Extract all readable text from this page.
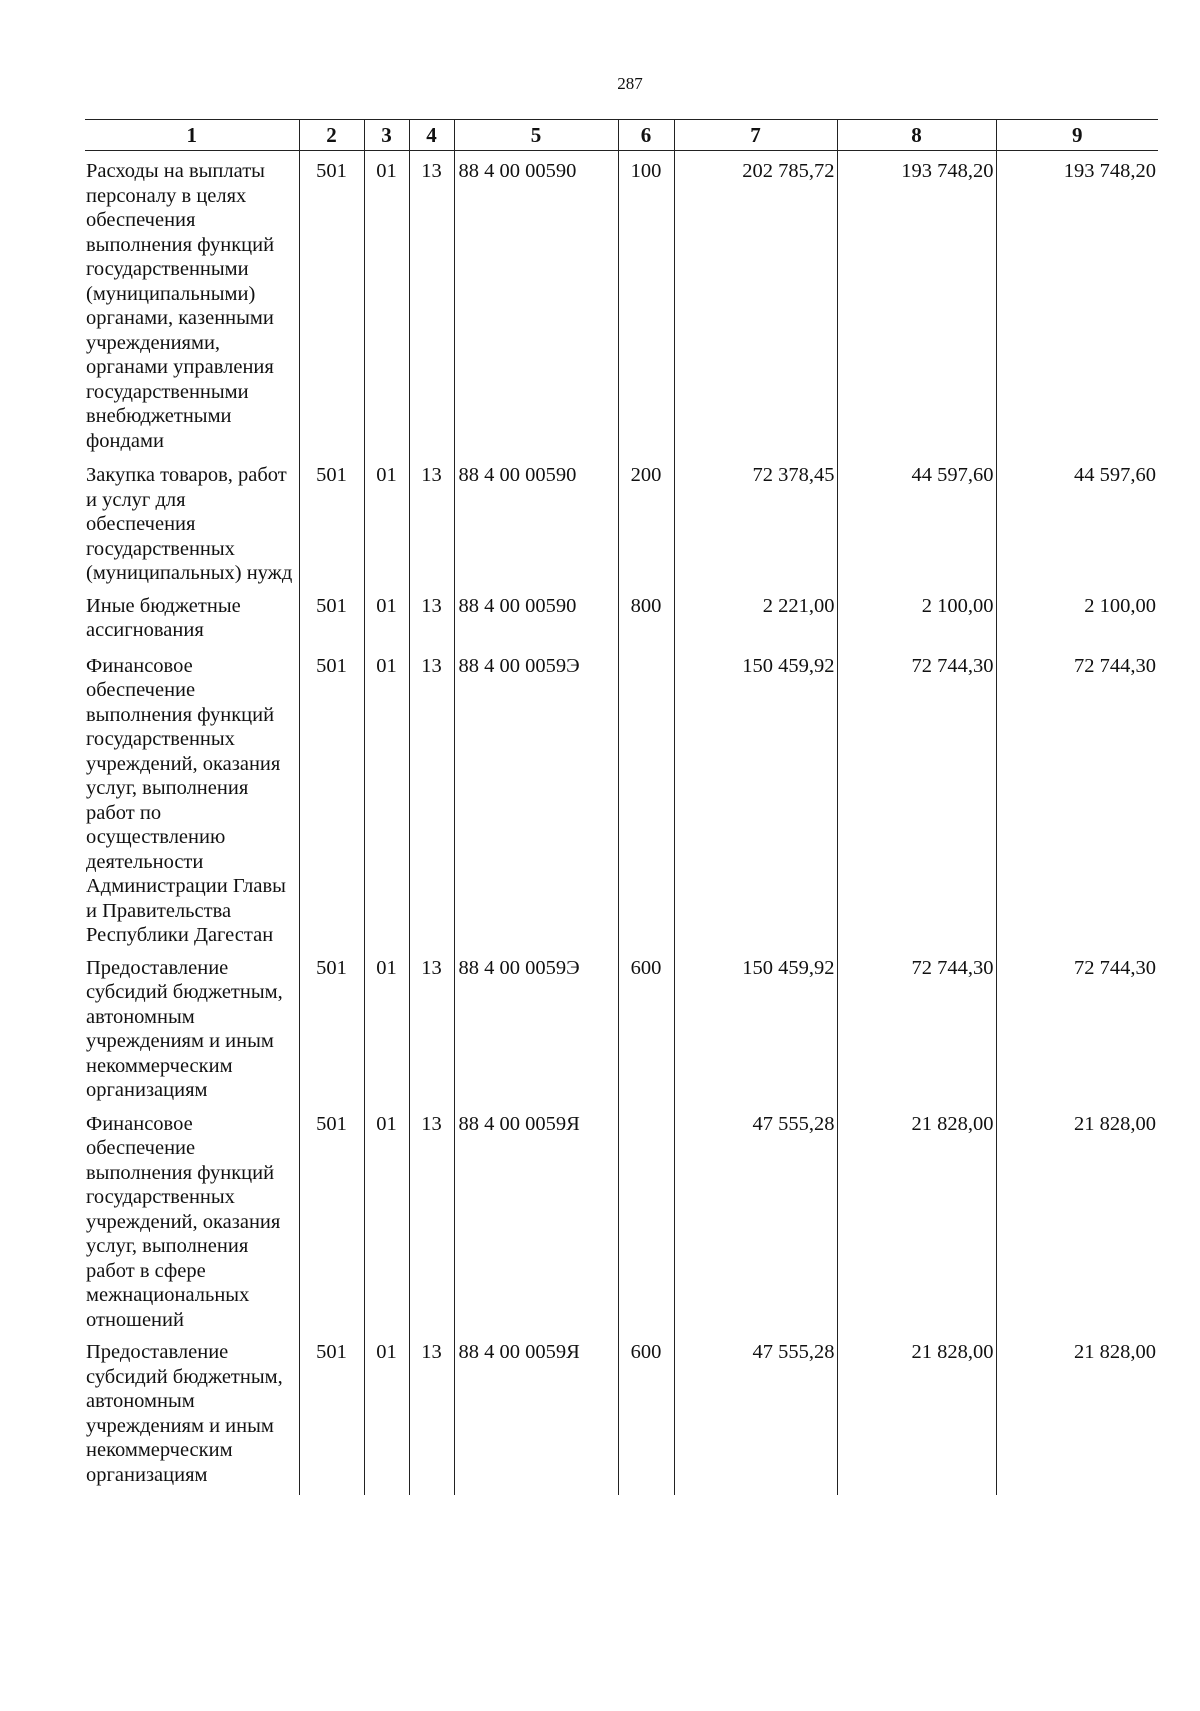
287
1	2	3	4	5	6	7	8	9
Расходы на выплаты персоналу в целях обеспечения выполнения функций государственными (муниципальными) органами, казенными учреждениями, органами управления государственными внебюджетными фондами	501	01	13	88 4 00 00590	100	202 785,72	193 748,20	193 748,20
Закупка товаров, работ и услуг для обеспечения государственных (муниципальных) нужд	501	01	13	88 4 00 00590	200	72 378,45	44 597,60	44 597,60
Иные бюджетные ассигнования	501	01	13	88 4 00 00590	800	2 221,00	2 100,00	2 100,00
Финансовое обеспечение выполнения функций государственных учреждений, оказания услуг, выполнения работ по осуществлению деятельности Администрации Главы и Правительства Республики Дагестан	501	01	13	88 4 00 0059Э		150 459,92	72 744,30	72 744,30
Предоставление субсидий бюджетным, автономным учреждениям и иным некоммерческим организациям	501	01	13	88 4 00 0059Э	600	150 459,92	72 744,30	72 744,30
Финансовое обеспечение выполнения функций государственных учреждений, оказания услуг, выполнения работ в сфере межнациональных отношений	501	01	13	88 4 00 0059Я		47 555,28	21 828,00	21 828,00
Предоставление субсидий бюджетным, автономным учреждениям и иным некоммерческим организациям	501	01	13	88 4 00 0059Я	600	47 555,28	21 828,00	21 828,00
